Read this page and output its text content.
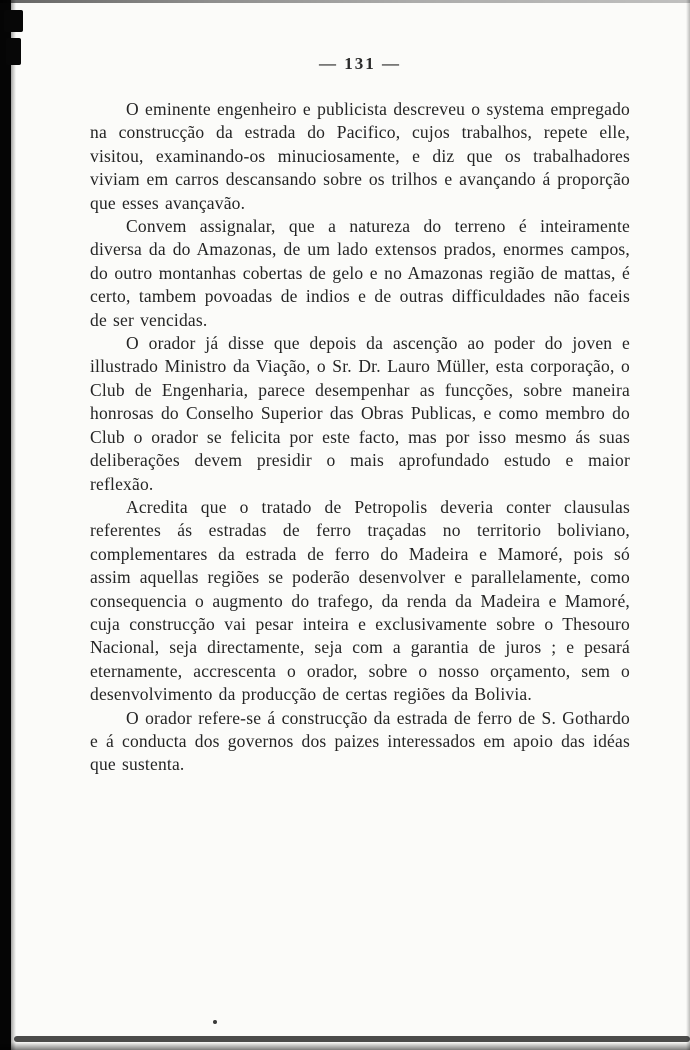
— 131 —

O eminente engenheiro e publicista descreveu o systema empregado na construcção da estrada do Pacifico, cujos trabalhos, repete elle, visitou, examinando-os minuciosamente, e diz que os trabalhadores viviam em carros descansando sobre os trilhos e avançando á proporção que esses avançavão.

Convem assignalar, que a natureza do terreno é inteiramente diversa da do Amazonas, de um lado extensos prados, enormes campos, do outro montanhas cobertas de gelo e no Amazonas região de mattas, é certo, tambem povoadas de indios e de outras difficuldades não faceis de ser vencidas.

O orador já disse que depois da ascenção ao poder do joven e illustrado Ministro da Viação, o Sr. Dr. Lauro Müller, esta corporação, o Club de Engenharia, parece desempenhar as funcções, sobre maneira honrosas do Conselho Superior das Obras Publicas, e como membro do Club o orador se felicita por este facto, mas por isso mesmo ás suas deliberações devem presidir o mais aprofundado estudo e maior reflexão.

Acredita que o tratado de Petropolis deveria conter clausulas referentes ás estradas de ferro traçadas no territorio boliviano, complementares da estrada de ferro do Madeira e Mamoré, pois só assim aquellas regiões se poderão desenvolver e parallelamente, como consequencia o augmento do trafego, da renda da Madeira e Mamoré, cuja construcção vai pesar inteira e exclusivamente sobre o Thesouro Nacional, seja directamente, seja com a garantia de juros ; e pesará eternamente, accrescenta o orador, sobre o nosso orçamento, sem o desenvolvimento da producção de certas regiões da Bolivia.

O orador refere-se á construcção da estrada de ferro de S. Gothardo e á conducta dos governos dos paizes interessados em apoio das idéas que sustenta.
